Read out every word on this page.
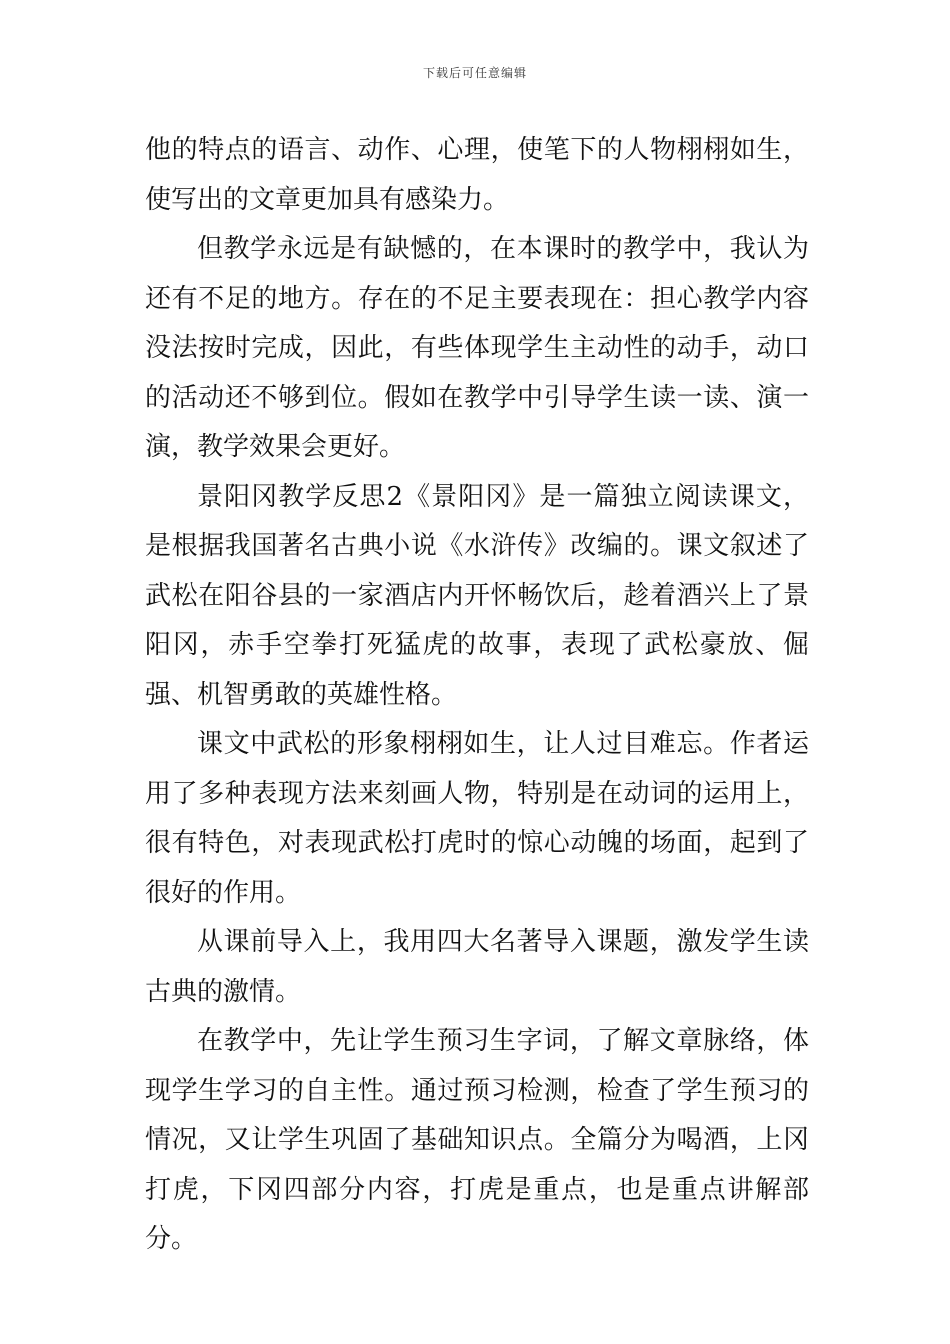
下载后可任意编辑

他的特点的语言、动作、心理，使笔下的人物栩栩如生，使写出的文章更加具有感染力。

但教学永远是有缺憾的，在本课时的教学中，我认为还有不足的地方。存在的不足主要表现在：担心教学内容没法按时完成，因此，有些体现学生主动性的动手，动口的活动还不够到位。假如在教学中引导学生读一读、演一演，教学效果会更好。

景阳冈教学反思2《景阳冈》是一篇独立阅读课文，是根据我国著名古典小说《水浒传》改编的。课文叙述了武松在阳谷县的一家酒店内开怀畅饮后，趁着酒兴上了景阳冈，赤手空拳打死猛虎的故事，表现了武松豪放、倔强、机智勇敢的英雄性格。

课文中武松的形象栩栩如生，让人过目难忘。作者运用了多种表现方法来刻画人物，特别是在动词的运用上，很有特色，对表现武松打虎时的惊心动魄的场面，起到了很好的作用。

从课前导入上，我用四大名著导入课题，激发学生读古典的激情。

在教学中，先让学生预习生字词，了解文章脉络，体现学生学习的自主性。通过预习检测，检查了学生预习的情况，又让学生巩固了基础知识点。全篇分为喝酒，上冈打虎，下冈四部分内容，打虎是重点，也是重点讲解部分。
